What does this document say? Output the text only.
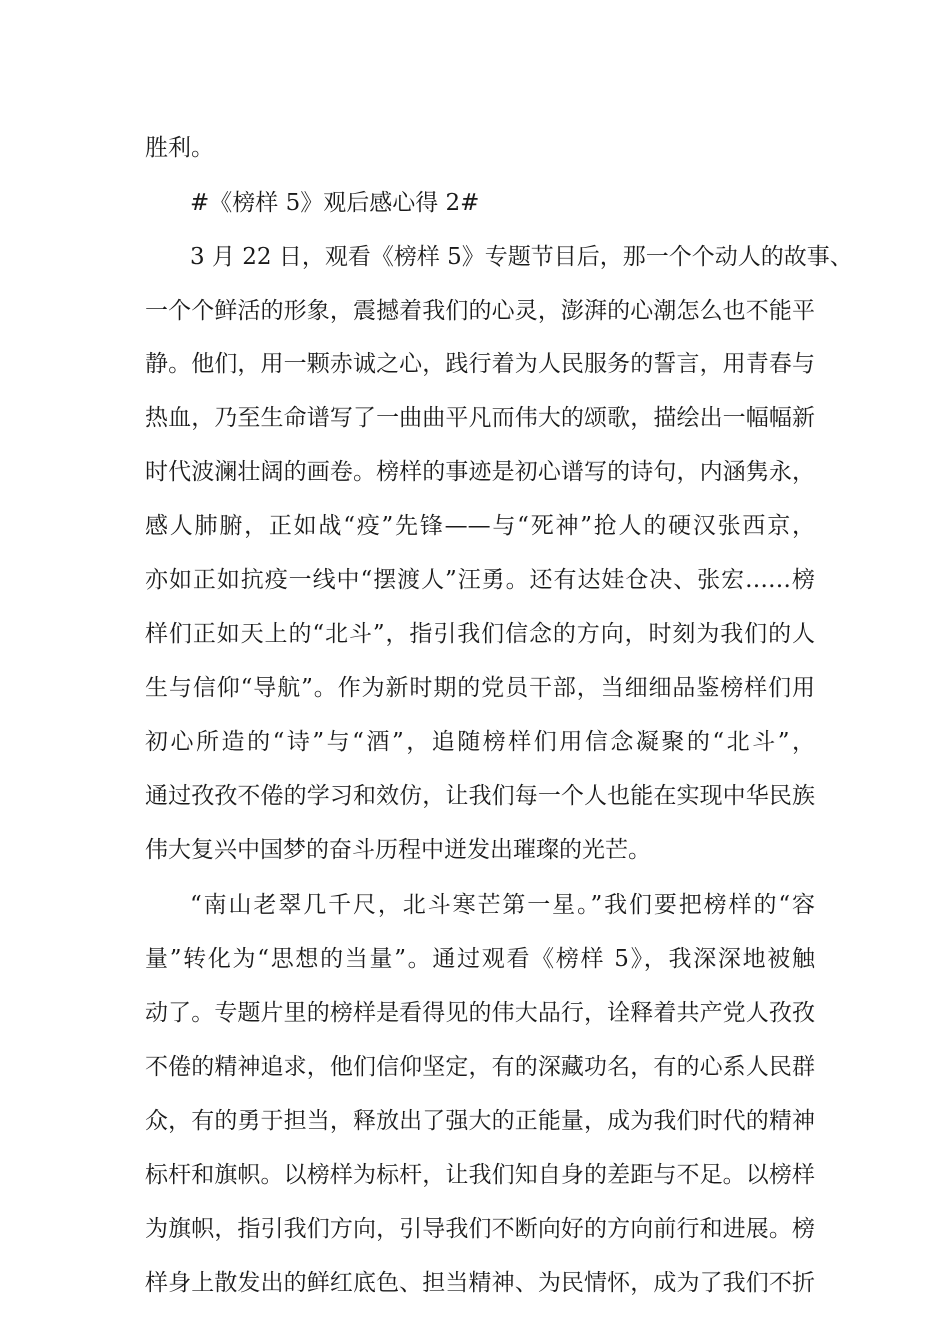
胜利。
#《榜样 5》观后感心得 2#
3 月 22 日，观看《榜样 5》专题节目后，那一个个动人的故事、
一个个鲜活的形象，震撼着我们的心灵，澎湃的心潮怎么也不能平
静。他们，用一颗赤诚之心，践行着为人民服务的誓言，用青春与
热血，乃至生命谱写了一曲曲平凡而伟大的颂歌，描绘出一幅幅新
时代波澜壮阔的画卷。榜样的事迹是初心谱写的诗句，内涵隽永，
感人肺腑，正如战“疫”先锋——与“死神”抢人的硬汉张西京，
亦如正如抗疫一线中“摆渡人”汪勇。还有达娃仓决、张宏……榜
样们正如天上的“北斗”，指引我们信念的方向，时刻为我们的人
生与信仰“导航”。作为新时期的党员干部，当细细品鉴榜样们用
初心所造的“诗”与“酒”，追随榜样们用信念凝聚的“北斗”，
通过孜孜不倦的学习和效仿，让我们每一个人也能在实现中华民族
伟大复兴中国梦的奋斗历程中迸发出璀璨的光芒。
“南山老翠几千尺，北斗寒芒第一星。”我们要把榜样的“容
量”转化为“思想的当量”。通过观看《榜样 5》，我深深地被触
动了。专题片里的榜样是看得见的伟大品行，诠释着共产党人孜孜
不倦的精神追求，他们信仰坚定，有的深藏功名，有的心系人民群
众，有的勇于担当，释放出了强大的正能量，成为我们时代的精神
标杆和旗帜。以榜样为标杆，让我们知自身的差距与不足。以榜样
为旗帜，指引我们方向，引导我们不断向好的方向前行和进展。榜
样身上散发出的鲜红底色、担当精神、为民情怀，成为了我们不折
